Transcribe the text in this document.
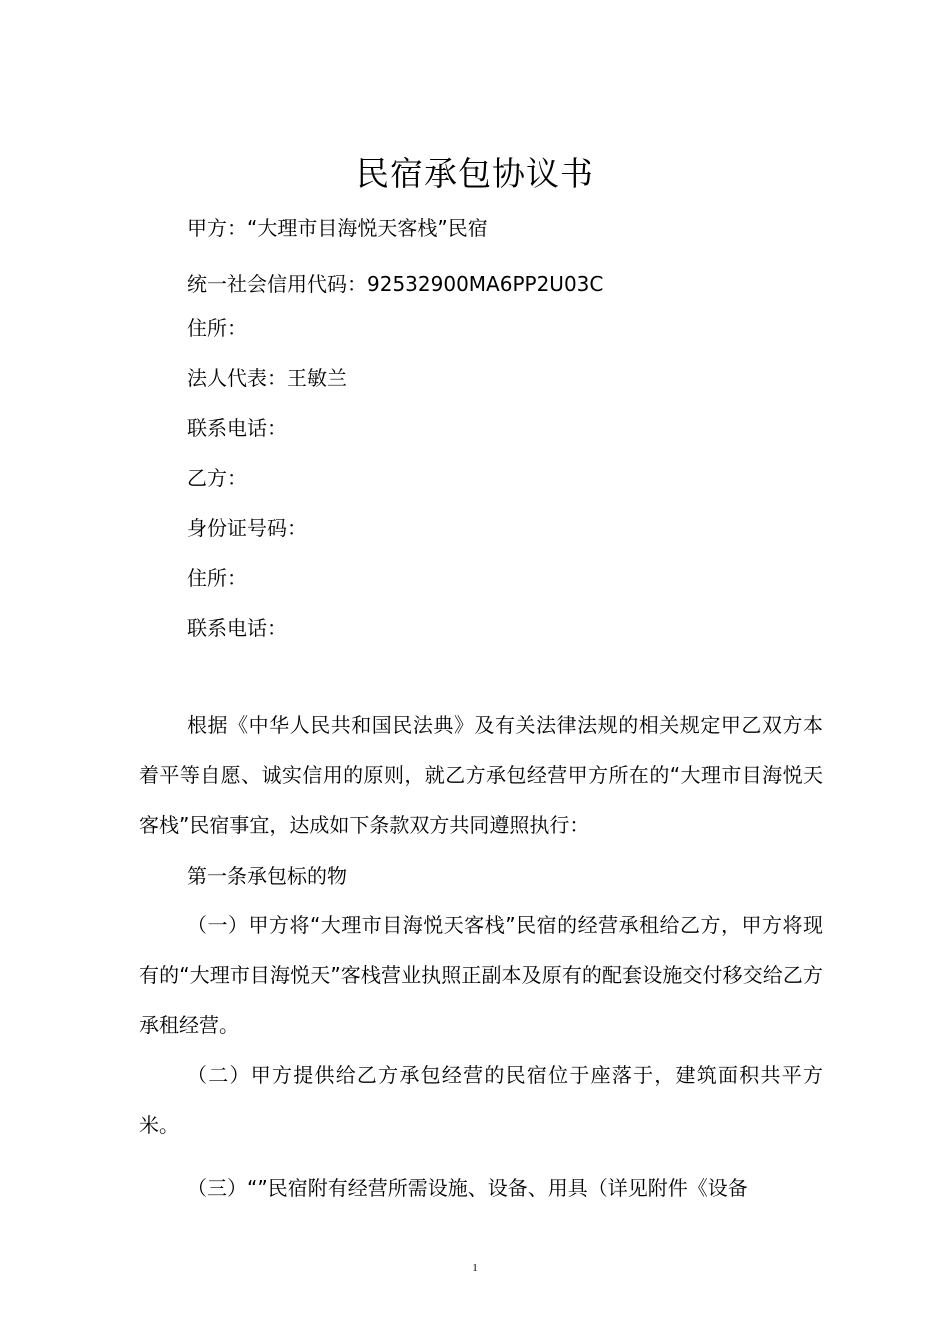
民宿承包协议书
甲方：“大理市目海悦天客栈”民宿
统一社会信用代码：92532900MA6PP2U03C
住所：
法人代表：王敏兰
联系电话：
乙方：
身份证号码：
住所：
联系电话：
根据《中华人民共和国民法典》及有关法律法规的相关规定甲乙双方本着平等自愿、诚实信用的原则，就乙方承包经营甲方所在的“大理市目海悦天客栈”民宿事宜，达成如下条款双方共同遵照执行：
第一条承包标的物
（一）甲方将“大理市目海悦天客栈”民宿的经营承租给乙方，甲方将现有的“大理市目海悦天”客栈营业执照正副本及原有的配套设施交付移交给乙方承租经营。
（二）甲方提供给乙方承包经营的民宿位于座落于，建筑面积共平方米。
（三）“”民宿附有经营所需设施、设备、用具（详见附件《设备
1
